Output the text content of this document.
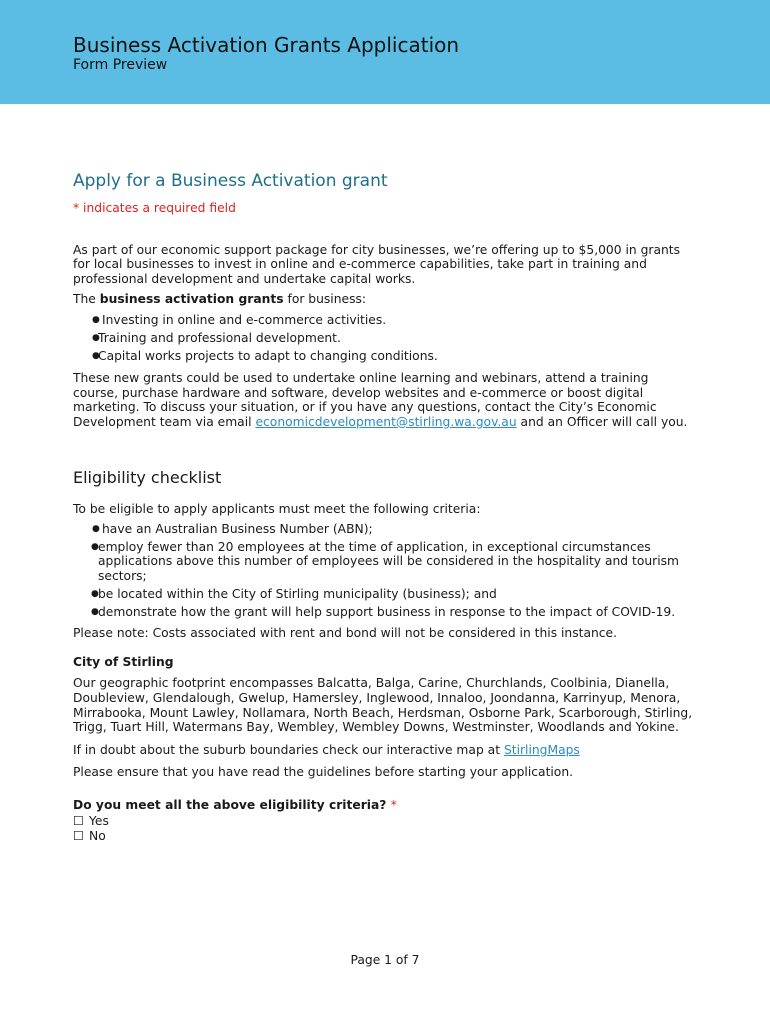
Business Activation Grants Application
Form Preview
Apply for a Business Activation grant
* indicates a required field

As part of our economic support package for city businesses, we’re offering up to $5,000 in grants for local businesses to invest in online and e-commerce capabilities, take part in training and professional development and undertake capital works.

The business activation grants for business:

● Investing in online and e-commerce activities.
●
Training and professional development.
●
Capital works projects to adapt to changing conditions.

These new grants could be used to undertake online learning and webinars, attend a training course, purchase hardware and software, develop websites and e-commerce or boost digital marketing. To discuss your situation, or if you have any questions, contact the City’s Economic Development team via email economicdevelopment@stirling.wa.gov.au and an Officer will call you.

Eligibility checklist

To be eligible to apply applicants must meet the following criteria:

● have an Australian Business Number (ABN);
● employ fewer than 20 employees at the time of application, in exceptional circumstances applications above this number of employees will be considered in the hospitality and tourism sectors;
● be located within the City of Stirling municipality (business); and
● demonstrate how the grant will help support business in response to the impact of COVID-19.

Please note: Costs associated with rent and bond will not be considered in this instance.

City of Stirling

Our geographic footprint encompasses Balcatta, Balga, Carine, Churchlands, Coolbinia, Dianella, Doubleview, Glendalough, Gwelup, Hamersley, Inglewood, Innaloo, Joondanna, Karrinyup, Menora, Mirrabooka, Mount Lawley, Nollamara, North Beach, Herdsman, Osborne Park, Scarborough, Stirling, Trigg, Tuart Hill, Watermans Bay, Wembley, Wembley Downs, Westminster, Woodlands and Yokine.

If in doubt about the suburb boundaries check our interactive map at StirlingMaps

Please ensure that you have read the guidelines before starting your application.

Do you meet all the above eligibility criteria? *
☐ Yes
☐ No
Page 1 of 7
